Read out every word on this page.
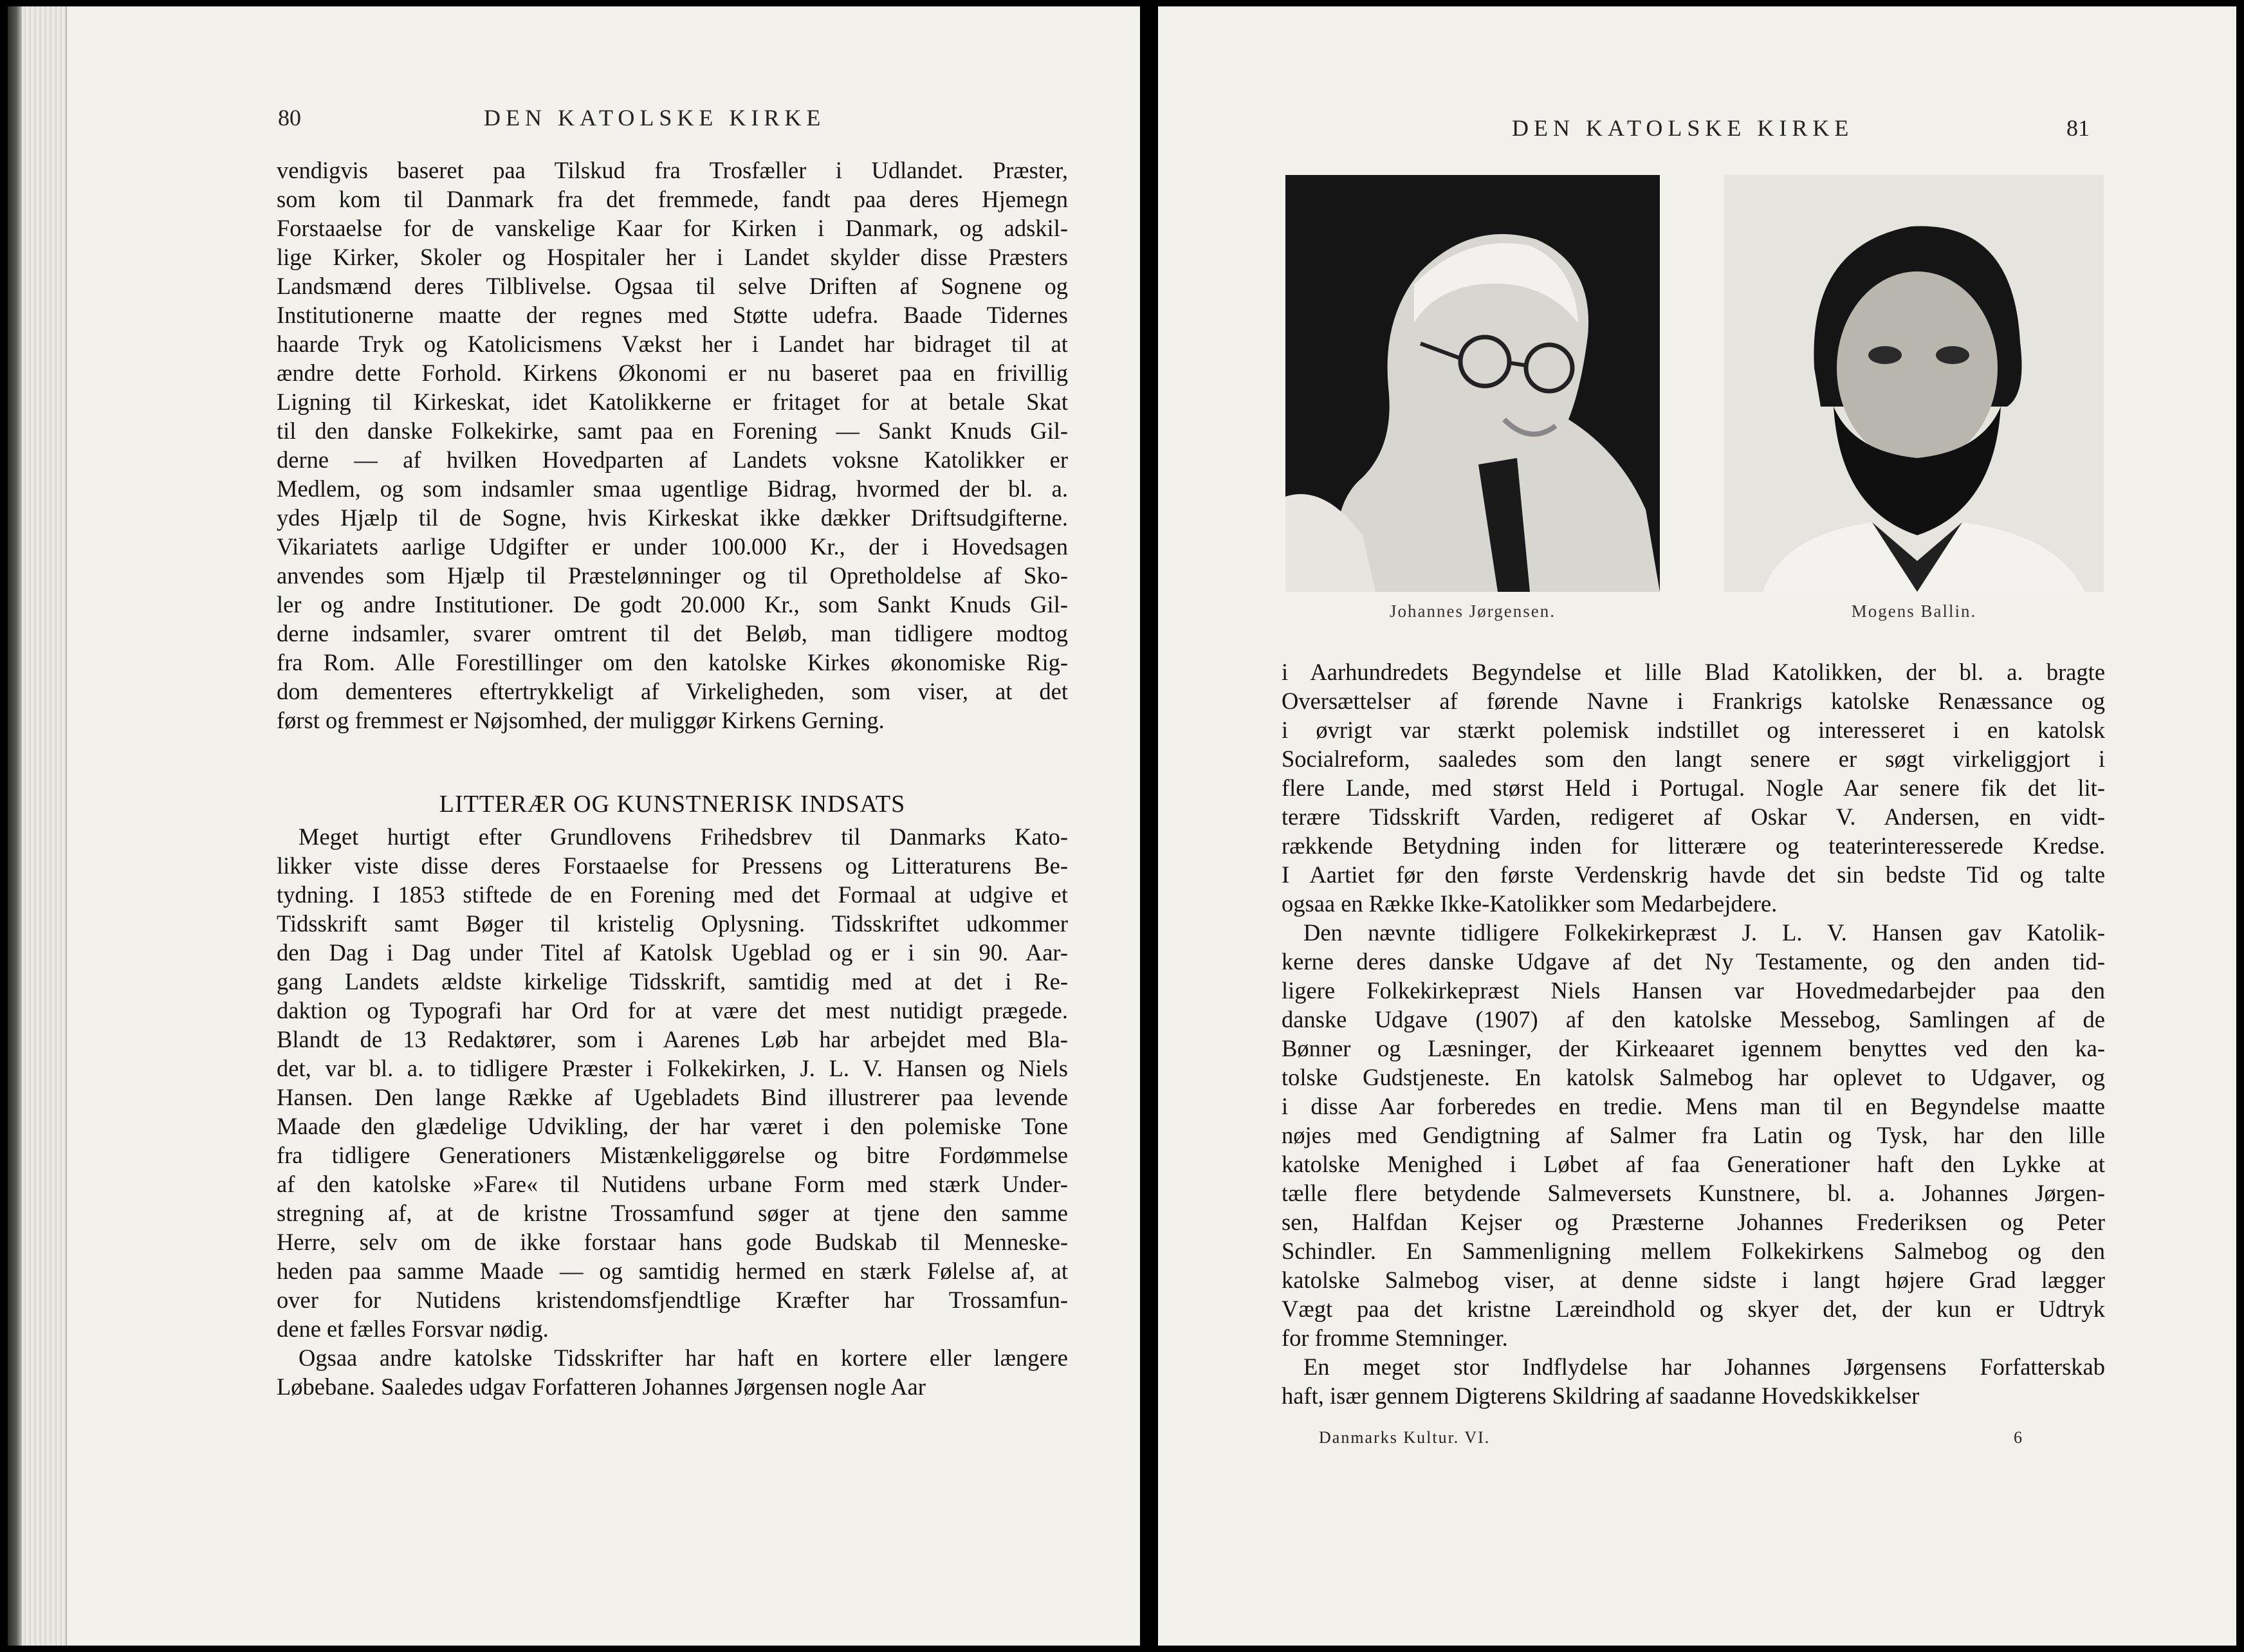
80	DEN KATOLSKE KIRKE
vendigvis baseret paa Tilskud fra Trosfæller i Udlandet. Præster,
som kom til Danmark fra det fremmede, fandt paa deres Hjemegn
Forstaaelse for de vanskelige Kaar for Kirken i Danmark, og adskil-
lige Kirker, Skoler og Hospitaler her i Landet skylder disse Præsters
Landsmænd deres Tilblivelse. Ogsaa til selve Driften af Sognene og
Institutionerne maatte der regnes med Støtte udefra. Baade Tidernes
haarde Tryk og Katolicismens Vækst her i Landet har bidraget til at
ændre dette Forhold. Kirkens Økonomi er nu baseret paa en frivillig
Ligning til Kirkeskat, idet Katolikkerne er fritaget for at betale Skat
til den danske Folkekirke, samt paa en Forening — Sankt Knuds Gil-
derne — af hvilken Hovedparten af Landets voksne Katolikker er
Medlem, og som indsamler smaa ugentlige Bidrag, hvormed der bl. a.
ydes Hjælp til de Sogne, hvis Kirkeskat ikke dækker Driftsudgifterne.
Vikariatets aarlige Udgifter er under 100.000 Kr., der i Hovedsagen
anvendes som Hjælp til Præstelønninger og til Opretholdelse af Sko-
ler og andre Institutioner. De godt 20.000 Kr., som Sankt Knuds Gil-
derne indsamler, svarer omtrent til det Beløb, man tidligere modtog
fra Rom. Alle Forestillinger om den katolske Kirkes økonomiske Rig-
dom dementeres eftertrykkeligt af Virkeligheden, som viser, at det
først og fremmest er Nøjsomhed, der muliggør Kirkens Gerning.
LITTERÆR OG KUNSTNERISK INDSATS
Meget hurtigt efter Grundlovens Frihedsbrev til Danmarks Kato-
likker viste disse deres Forstaaelse for Pressens og Litteraturens Be-
tydning. I 1853 stiftede de en Forening med det Formaal at udgive et
Tidsskrift samt Bøger til kristelig Oplysning. Tidsskriftet udkommer
den Dag i Dag under Titel af Katolsk Ugeblad og er i sin 90. Aar-
gang Landets ældste kirkelige Tidsskrift, samtidig med at det i Re-
daktion og Typografi har Ord for at være det mest nutidigt prægede.
Blandt de 13 Redaktører, som i Aarenes Løb har arbejdet med Bla-
det, var bl. a. to tidligere Præster i Folkekirken, J. L. V. Hansen og Niels
Hansen. Den lange Række af Ugebladets Bind illustrerer paa levende
Maade den glædelige Udvikling, der har været i den polemiske Tone
fra tidligere Generationers Mistænkeliggørelse og bitre Fordømmelse
af den katolske »Fare« til Nutidens urbane Form med stærk Under-
stregning af, at de kristne Trossamfund søger at tjene den samme
Herre, selv om de ikke forstaar hans gode Budskab til Menneske-
heden paa samme Maade — og samtidig hermed en stærk Følelse af, at
over for Nutidens kristendomsfjendtlige Kræfter har Trossamfun-
dene et fælles Forsvar nødig.
Ogsaa andre katolske Tidsskrifter har haft en kortere eller længere
Løbebane. Saaledes udgav Forfatteren Johannes Jørgensen nogle Aar
DEN KATOLSKE KIRKE	81
Johannes Jørgensen.	Mogens Ballin.
i Aarhundredets Begyndelse et lille Blad Katolikken, der bl. a. bragte
Oversættelser af førende Navne i Frankrigs katolske Renæssance og
i øvrigt var stærkt polemisk indstillet og interesseret i en katolsk
Socialreform, saaledes som den langt senere er søgt virkeliggjort i
flere Lande, med størst Held i Portugal. Nogle Aar senere fik det lit-
terære Tidsskrift Varden, redigeret af Oskar V. Andersen, en vidt-
rækkende Betydning inden for litterære og teaterinteresserede Kredse.
I Aartiet før den første Verdenskrig havde det sin bedste Tid og talte
ogsaa en Række Ikke-Katolikker som Medarbejdere.
Den nævnte tidligere Folkekirkepræst J. L. V. Hansen gav Katolik-
kerne deres danske Udgave af det Ny Testamente, og den anden tid-
ligere Folkekirkepræst Niels Hansen var Hovedmedarbejder paa den
danske Udgave (1907) af den katolske Messebog, Samlingen af de
Bønner og Læsninger, der Kirkeaaret igennem benyttes ved den ka-
tolske Gudstjeneste. En katolsk Salmebog har oplevet to Udgaver, og
i disse Aar forberedes en tredie. Mens man til en Begyndelse maatte
nøjes med Gendigtning af Salmer fra Latin og Tysk, har den lille
katolske Menighed i Løbet af faa Generationer haft den Lykke at
tælle flere betydende Salmeversets Kunstnere, bl. a. Johannes Jørgen-
sen, Halfdan Kejser og Præsterne Johannes Frederiksen og Peter
Schindler. En Sammenligning mellem Folkekirkens Salmebog og den
katolske Salmebog viser, at denne sidste i langt højere Grad lægger
Vægt paa det kristne Læreindhold og skyer det, der kun er Udtryk
for fromme Stemninger.
En meget stor Indflydelse har Johannes Jørgensens Forfatterskab
haft, især gennem Digterens Skildring af saadanne Hovedskikkelser
Danmarks Kultur. VI.	6
